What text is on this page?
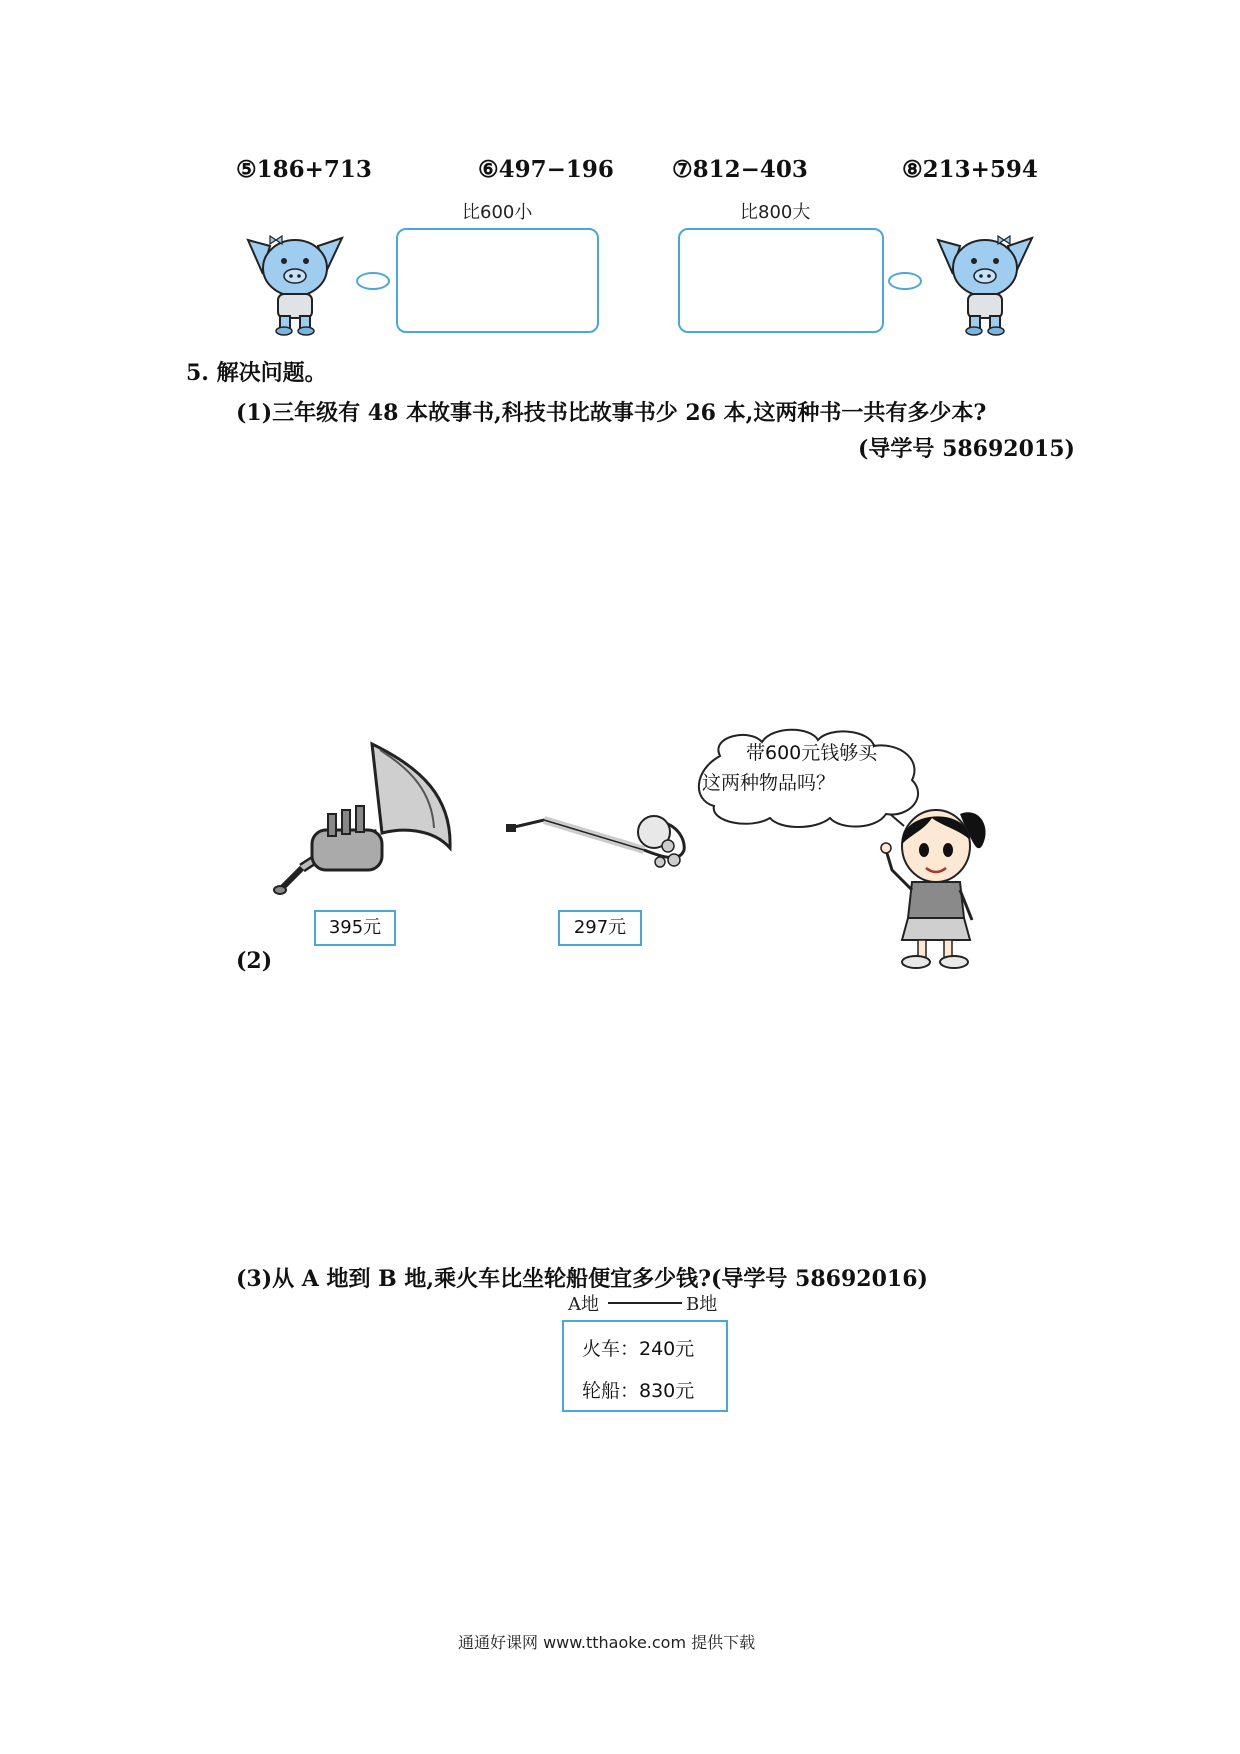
⑤186+713	⑥497−196	⑦812−403	⑧213+594
比600小	比800大
5. 解决问题。
(1)三年级有 48 本故事书,科技书比故事书少 26 本,这两种书一共有多少本?
(导学号 58692015)
395元	297元
(2)
带600元钱够买
这两种物品吗？
(3)从 A 地到 B 地,乘火车比坐轮船便宜多少钱?(导学号 58692016)
A地	B地
火车：240元
轮船：830元
通通好课网 www.tthaoke.com 提供下载
